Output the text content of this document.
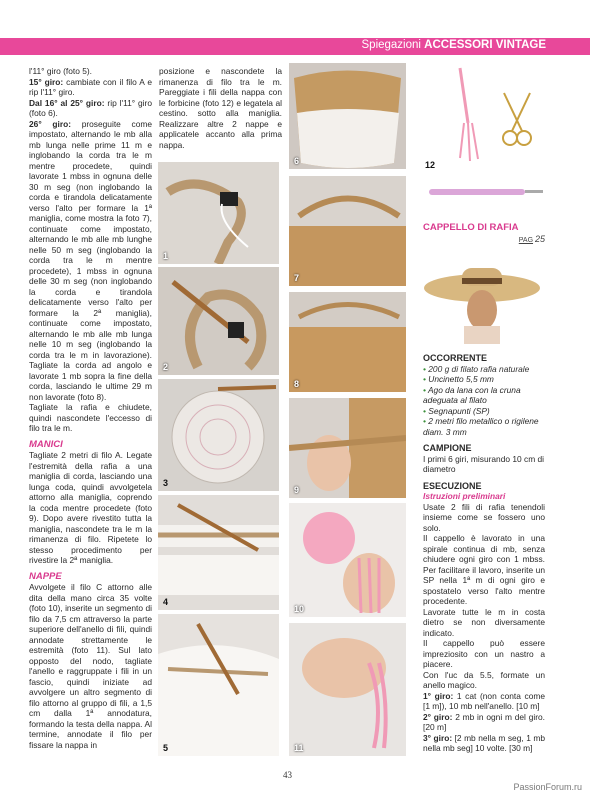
Spiegazioni ACCESSORI VINTAGE

l'11° giro (foto 5).

15° giro: cambiate con il filo A e rip l'11° giro.

Dal 16° al 25° giro: rip l'11° giro (foto 6).

26° giro: proseguite come impostato, alternando le mb alla mb lunga nelle prime 11 m e inglobando la corda tra le m mentre procedete, quindi lavorate 1 mbss in ognuna delle 30 m seg (non inglobando la corda e tirandola delicatamente verso l'alto per formare la 1ª maniglia, come mostra la foto 7), continuate come impostato, alternando le mb alle mb lunghe nelle 50 m seg (inglobando la corda tra le m mentre procedete), 1 mbss in ognuna delle 30 m seg (non inglobando la corda e tirandola delicatamente verso l'alto per formare la 2ª maniglia), continuate come impostato, alternando le mb alle mb lunga nelle 10 m seg (inglobando la corda tra le m in lavorazione). Tagliate la corda ad angolo e lavorate 1 mb sopra la fine della corda, lasciando le ultime 29 m non lavorate (foto 8).

Tagliate la rafia e chiudete, quindi nascondete l'eccesso di filo tra le m.

MANICI

Tagliate 2 metri di filo A. Legate l'estremità della rafia a una maniglia di corda, lasciando una lunga coda, quindi avvolgetela attorno alla maniglia, coprendo la coda mentre procedete (foto 9). Dopo avere rivestito tutta la maniglia, nascondete tra le m la rimanenza di filo. Ripetete lo stesso procedimento per rivestire la 2ª maniglia.

NAPPE

Avvolgete il filo C attorno alle dita della mano circa 35 volte (foto 10), inserite un segmento di filo da 7,5 cm attraverso la parte superiore dell'anello di fili, quindi annodate strettamente le estremità (foto 11). Sul lato opposto del nodo, tagliate l'anello e raggruppate i fili in un fascio, quindi iniziate ad avvolgere un altro segmento di filo attorno al gruppo di fili, a 1,5 cm dalla 1ª annodatura, formando la testa della nappa. Al termine, annodate il filo per fissare la nappa in

posizione e nascondete la rimanenza di filo tra le m. Pareggiate i fili della nappa con le forbicine (foto 12) e legatela al cestino. sotto alla maniglia. Realizzare altre 2 nappe e applicatele accanto alla prima nappa.

1
2
3
4
5
6
7
8
9
10
11
12

CAPPELLO DI RAFIA

PAG 25

OCCORRENTE

• 200 g di filato rafia naturale

• Uncinetto 5,5 mm

• Ago da lana con la cruna adeguata al filato

• Segnapunti (SP)

• 2 metri filo metallico o rigilene diam. 3 mm

CAMPIONE

I primi 6 giri, misurando 10 cm di diametro

ESECUZIONE

Istruzioni preliminari

Usate 2 fili di rafia tenendoli insieme come se fossero uno solo.

Il cappello è lavorato in una spirale continua di mb, senza chiudere ogni giro con 1 mbss. Per facilitare il lavoro, inserite un SP nella 1ª m di ogni giro e spostatelo verso l'alto mentre procedente.

Lavorate tutte le m in costa dietro se non diversamente indicato.

Il cappello può essere impreziosito con un nastro a piacere.

Con l'uc da 5.5, formate un anello magico.

1° giro: 1 cat (non conta come [1 m]), 10 mb nell'anello. [10 m]

2° giro: 2 mb in ogni m del giro. [20 m]

3° giro: [2 mb nella m seg, 1 mb nella mb seg] 10 volte. [30 m]

43
PassionForum.ru
